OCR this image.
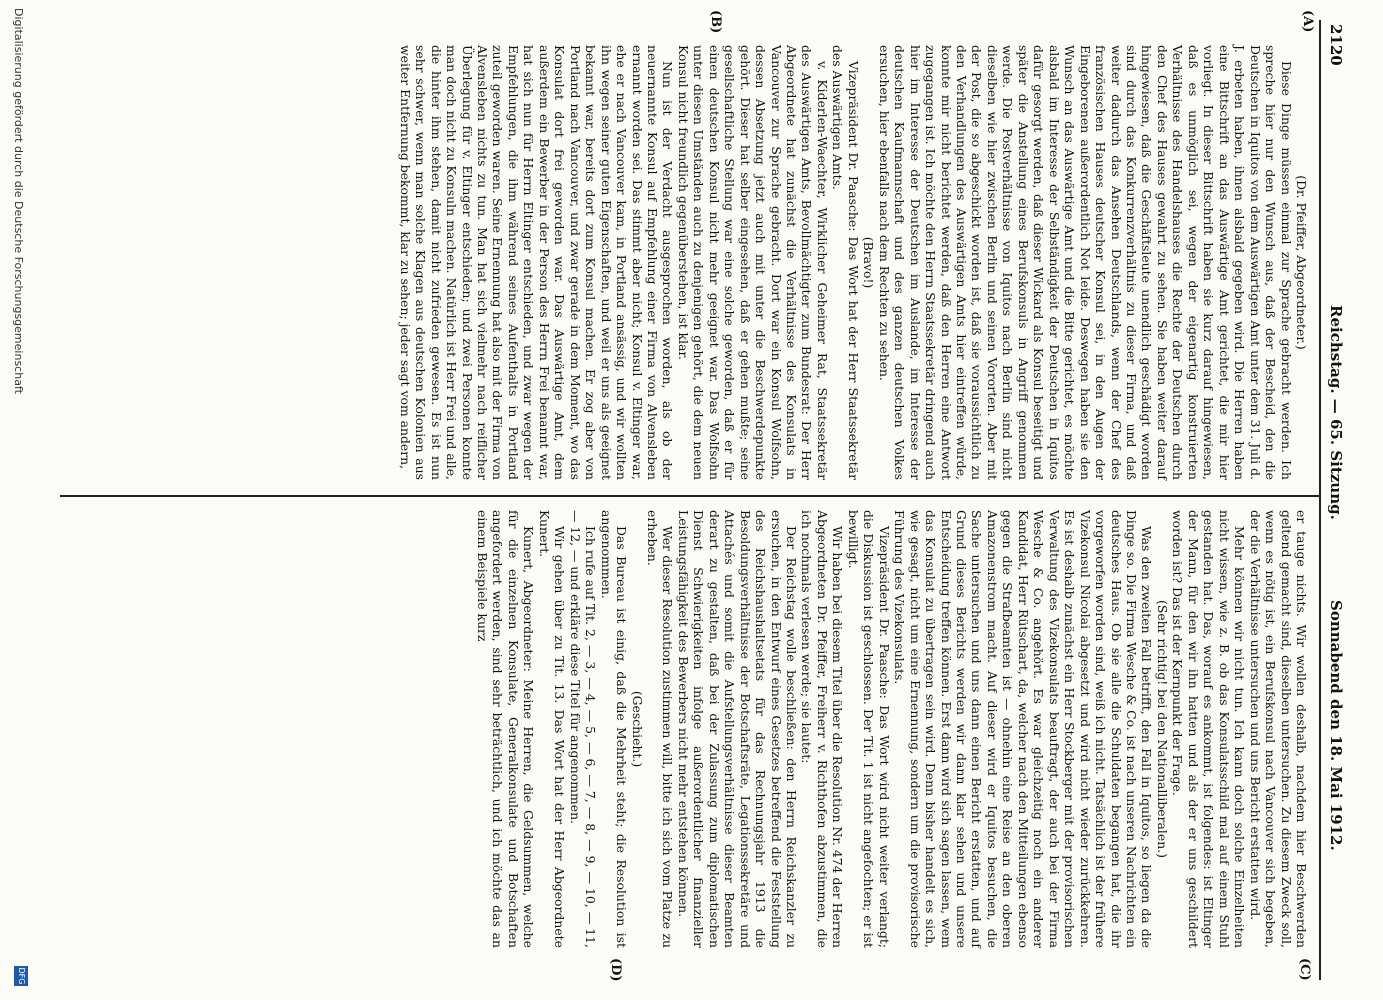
2120
Reichstag. — 65. Sitzung.
Sonnabend den 18. Mai 1912.
(A)
(B)
(C)
(D)

(Dr. Pfeiffer, Abgeordneter.)

Diese Dinge müssen einmal zur Sprache gebracht werden. Ich spreche hier nur den Wunsch aus, daß der Bescheid, den die Deutschen in Iquitos von dem Auswärtigen Amt unter dem 31. Juli d. J. erbeten haben, ihnen alsbald gegeben wird. Die Herren haben eine Bittschrift an das Auswärtige Amt gerichtet, die mir hier vorliegt. In dieser Bittschrift haben sie kurz darauf hingewiesen, daß es unmöglich sei, wegen der eigenartig konstruierten Verhältnisse des Handelshauses die Rechte der Deutschen durch den Chef des Hauses gewahrt zu sehen. Sie haben weiter darauf hingewiesen, daß die Geschäftsleute unendlich geschädigt worden sind durch das Konkurrenzverhältnis zu dieser Firma, und daß weiter dadurch das Ansehen Deutschlands, wenn der Chef des französischen Hauses deutscher Konsul sei, in den Augen der Eingeborenen außerordentlich Not leide. Deswegen haben sie den Wunsch an das Auswärtige Amt und die Bitte gerichtet, es möchte alsbald im Interesse der Selbständigkeit der Deutschen in Iquitos dafür gesorgt werden, daß dieser Wickard als Konsul beseitigt und später die Anstellung eines Berufskonsuls in Angriff genommen werde. Die Postverhältnisse von Iquitos nach Berlin sind nicht dieselben wie hier zwischen Berlin und seinen Vororten. Aber mit der Post, die so abgeschickt worden ist, daß sie voraussichtlich zu den Verhandlungen des Auswärtigen Amts hier eintreffen würde, konnte mir nicht berichtet werden, daß den Herren eine Antwort zugegangen ist. Ich möchte den Herrn Staatssekretär dringend auch hier im Interesse der Deutschen im Auslande, im Interesse der deutschen Kaufmannschaft und des ganzen deutschen Volkes ersuchen, hier ebenfalls nach dem Rechten zu sehen.

(Bravo!)

Vizepräsident Dr. Paasche: Das Wort hat der Herr Staatssekretär des Auswärtigen Amts.

v. Kiderlen-Waechter, Wirklicher Geheimer Rat, Staatssekretär des Auswärtigen Amts, Bevollmächtigter zum Bundesrat: Der Herr Abgeordnete hat zunächst die Verhältnisse des Konsulats in Vancouver zur Sprache gebracht. Dort war ein Konsul Wolfsohn, dessen Absetzung jetzt auch mit unter die Beschwerdepunkte gehört. Dieser hat selber eingesehen, daß er gehen mußte; seine gesellschaftliche Stellung war eine solche geworden, daß er für einen deutschen Konsul nicht mehr geeignet war. Das Wolfsohn unter diesen Umständen auch zu denjenigen gehört, die dem neuen Konsul nicht freundlich gegenüberstehen, ist klar.

Nun ist der Verdacht ausgesprochen worden, als ob der neuernannte Konsul auf Empfehlung einer Firma von Alvensleben ernannt worden sei. Das stimmt aber nicht; Konsul v. Eltinger war, ehe er nach Vancouver kam, in Portland ansässig, und wir wollten ihn wegen seiner guten Eigenschaften, und weil er uns als geeignet bekannt war, bereits dort zum Konsul machen. Er zog aber von Portland nach Vancouver, und zwar gerade in dem Moment, wo das Konsulat dort frei geworden war. Das Auswärtige Amt, dem außerdem ein Bewerber in der Person des Herrn Frei benannt war, hat sich nun für Herrn Eltinger entschieden, und zwar wegen der Empfehlungen, die ihm während seines Aufenthalts in Portland zuteil geworden waren. Seine Ernennung hat also mit der Firma von Alvensleben nichts zu tun. Man hat sich vielmehr nach reiflicher Überlegung für v. Eltinger entschieden; und zwei Personen konnte man doch nicht zu Konsuln machen. Natürlich ist Herr Frei und alle, die hinter ihm stehen, damit nicht zufrieden gewesen. Es ist nun sehr schwer, wenn man solche Klagen aus deutschen Kolonien aus weiter Entfernung bekommt, klar zu sehen; jeder sagt vom andern,

er tauge nichts. Wir wollen deshalb, nachdem hier Beschwerden geltend gemacht sind, dieselben untersuchen. Zu diesem Zweck soll, wenn es nötig ist, ein Berufskonsul nach Vancouver sich begeben, der die Verhältnisse untersuchen und uns Bericht erstatten wird.

Mehr können wir nicht tun. Ich kann doch solche Einzelheiten nicht wissen, wie z. B. ob das Konsulatsschild mal auf einem Stuhl gestanden hat. Das, worauf es ankommt, ist folgendes: ist Eltinger der Mann, für den wir ihn hatten und als der er uns geschildert worden ist? Das ist der Kernpunkt der Frage.

(Sehr richtig! bei den Nationalliberalen.)

Was den zweiten Fall betrifft, den Fall in Iquitos, so liegen da die Dinge so. Die Firma Wesche & Co. ist nach unseren Nachrichten ein deutsches Haus. Ob sie alle die Schuldaten begangen hat, die ihr vorgeworfen worden sind, weiß ich nicht. Tatsächlich ist der frühere Vizekonsul Nicolai abgesetzt und wird nicht wieder zurückkehren. Es ist deshalb zunächst ein Herr Stockberger mit der provisorischen Verwaltung des Vizekonsulats beauftragt, der auch bei der Firma Wesche & Co. angehört. Es war gleichzeitig noch ein anderer Kandidat, Herr Rütschart, da, welcher nach den Mitteilungen ebenso gegen die Strafbeamten ist — ohnehin eine Reise an den oberen Amazonenstrom macht. Auf dieser wird er Iquitos besuchen, die Sache untersuchen und uns dann einen Bericht erstatten, und auf Grund dieses Berichts werden wir dann klar sehen und unsere Entscheidung treffen können. Erst dann wird sich sagen lassen, wem das Konsulat zu übertragen sein wird. Denn bisher handelt es sich, wie gesagt, nicht um eine Ernennung, sondern um die provisorische Führung des Vizekonsulats.

Vizepräsident Dr. Paasche: Das Wort wird nicht weiter verlangt; die Diskussion ist geschlossen. Der Tit. 1 ist nicht angefochten; er ist bewilligt.

Wir haben bei diesem Titel über die Resolution Nr. 474 der Herren Abgeordneten Dr. Pfeiffer, Freiherr v. Richthofen abzustimmen, die ich nochmals verlesen werde; sie lautet:

Der Reichstag wolle beschließen: den Herrn Reichskanzler zu ersuchen, in den Entwurf eines Gesetzes betreffend die Feststellung des Reichshaushaltsetats für das Rechnungsjahr 1913 die Besoldungsverhältnisse der Botschaftsräte, Legationssekretäre und Attachés und somit die Aufstellungsverhältnisse dieser Beamten derart zu gestalten, daß bei der Zulassung zum diplomatischen Dienst Schwierigkeiten infolge außerordentlicher finanzieller Leistungsfähigkeit des Bewerbers nicht mehr entstehen können.

Wer dieser Resolution zustimmen will, bitte ich sich vom Platze zu erheben.

(Geschieht.)

Das Bureau ist einig, daß die Mehrheit steht; die Resolution ist angenommen.

Ich rufe auf Tit. 2, — 3, — 4, — 5, — 6, — 7, — 8, — 9, — 10, — 11, — 12, — und erkläre diese Titel für angenommen.

Wir gehen über zu Tit. 13. Das Wort hat der Herr Abgeordnete Kunert.

Kunert, Abgeordneter: Meine Herren, die Geldsummen, welche für die einzelnen Konsulate, Generalkonsulate und Botschaften angefordert werden, sind sehr beträchtlich, und ich möchte das an einem Beispiele kurz

Digitalisierung gefördert durch die Deutsche Forschungsgemeinschaft
DFG
